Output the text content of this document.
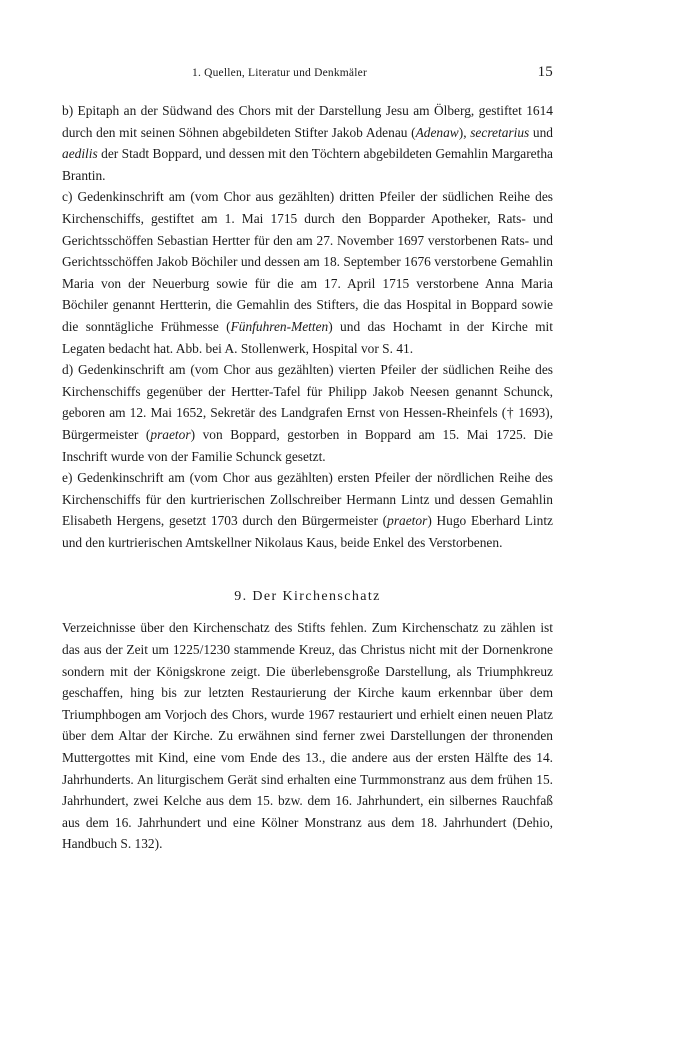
1. Quellen, Literatur und Denkmäler	15

b) Epitaph an der Südwand des Chors mit der Darstellung Jesu am Ölberg, gestiftet 1614 durch den mit seinen Söhnen abgebildeten Stifter Jakob Adenau (Adenaw), secretarius und aedilis der Stadt Boppard, und dessen mit den Töchtern abgebildeten Gemahlin Margaretha Brantin.

c) Gedenkinschrift am (vom Chor aus gezählten) dritten Pfeiler der südlichen Reihe des Kirchenschiffs, gestiftet am 1. Mai 1715 durch den Bopparder Apotheker, Rats- und Gerichtsschöffen Sebastian Hertter für den am 27. November 1697 verstorbenen Rats- und Gerichtsschöffen Jakob Böchiler und dessen am 18. September 1676 verstorbene Gemahlin Maria von der Neuerburg sowie für die am 17. April 1715 verstorbene Anna Maria Böchiler genannt Hertterin, die Gemahlin des Stifters, die das Hospital in Boppard sowie die sonntägliche Frühmesse (Fünfuhren-Metten) und das Hochamt in der Kirche mit Legaten bedacht hat. Abb. bei A. Stollenwerk, Hospital vor S. 41.

d) Gedenkinschrift am (vom Chor aus gezählten) vierten Pfeiler der südlichen Reihe des Kirchenschiffs gegenüber der Hertter-Tafel für Philipp Jakob Neesen genannt Schunck, geboren am 12. Mai 1652, Sekretär des Landgrafen Ernst von Hessen-Rheinfels († 1693), Bürgermeister (praetor) von Boppard, gestorben in Boppard am 15. Mai 1725. Die Inschrift wurde von der Familie Schunck gesetzt.

e) Gedenkinschrift am (vom Chor aus gezählten) ersten Pfeiler der nördlichen Reihe des Kirchenschiffs für den kurtrierischen Zollschreiber Hermann Lintz und dessen Gemahlin Elisabeth Hergens, gesetzt 1703 durch den Bürgermeister (praetor) Hugo Eberhard Lintz und den kurtrierischen Amtskellner Nikolaus Kaus, beide Enkel des Verstorbenen.

9. Der Kirchenschatz

Verzeichnisse über den Kirchenschatz des Stifts fehlen. Zum Kirchenschatz zu zählen ist das aus der Zeit um 1225/1230 stammende Kreuz, das Christus nicht mit der Dornenkrone sondern mit der Königskrone zeigt. Die überlebensgroße Darstellung, als Triumphkreuz geschaffen, hing bis zur letzten Restaurierung der Kirche kaum erkennbar über dem Triumphbogen am Vorjoch des Chors, wurde 1967 restauriert und erhielt einen neuen Platz über dem Altar der Kirche. Zu erwähnen sind ferner zwei Darstellungen der thronenden Muttergottes mit Kind, eine vom Ende des 13., die andere aus der ersten Hälfte des 14. Jahrhunderts. An liturgischem Gerät sind erhalten eine Turmmonstranz aus dem frühen 15. Jahrhundert, zwei Kelche aus dem 15. bzw. dem 16. Jahrhundert, ein silbernes Rauchfaß aus dem 16. Jahrhundert und eine Kölner Monstranz aus dem 18. Jahrhundert (Dehio, Handbuch S. 132).
